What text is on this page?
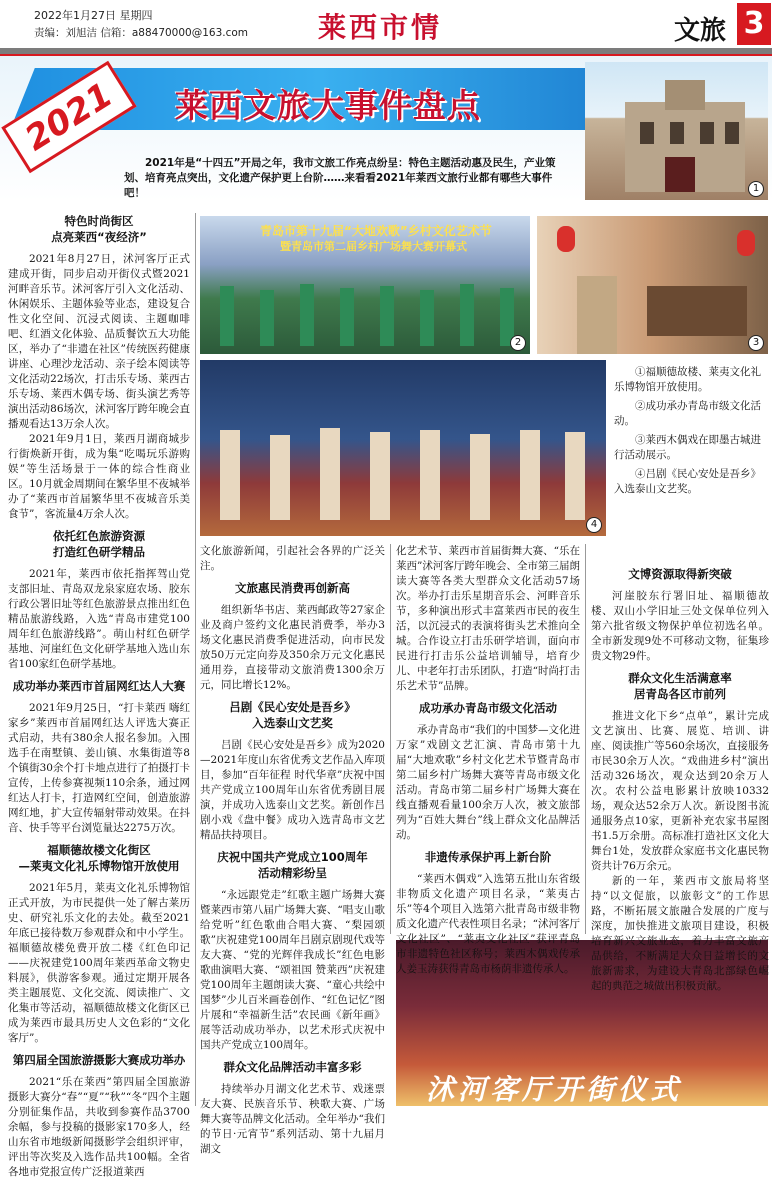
2022年1月27日 星期四
责编：刘旭洁 信箱：a88470000@163.com 莱西市情	文旅 3
2021	莱西文旅大事件盘点
2021年是“十四五”开局之年，我市文旅工作亮点纷呈：特色主题活动惠及民生，产业策划、培育亮点突出，文化遗产保护更上台阶……来看看2021年莱西文旅行业都有哪些大事件吧！	1
青岛市第十九届“大地欢歌”乡村文化艺术节
暨青岛市第二届乡村广场舞大赛开幕式
2	3
4
沭河客厅开街仪式

①福顺德故楼、莱夷文化礼乐博物馆开放使用。

②成功承办青岛市级文化活动。

③莱西木偶戏在即墨古城进行活动展示。

④吕剧《民心安处是吾乡》入选泰山文艺奖。

特色时尚街区
点亮莱西“夜经济”

2021年8月27日，沭河客厅正式建成开街，同步启动开街仪式暨2021河畔音乐节。沭河客厅引入文化活动、休闲娱乐、主题体验等业态，建设复合性文化空间、沉浸式阅读、主题咖啡吧、红酒文化体验、品质餐饮五大功能区，举办了“非遗在社区”传统医药健康讲座、心理沙龙活动、亲子绘本阅读等文化活动22场次，打击乐专场、莱西古乐专场、莱西木偶专场、街头演艺秀等演出活动86场次，沭河客厅跨年晚会直播观看达13万余人次。

2021年9月1日，莱西月湖商城步行街焕新开街，成为集“吃喝玩乐游购娱”等生活场景于一体的综合性商业区。10月就金周期间在繁华里不夜城举办了“莱西市首届繁华里不夜城音乐美食节”，客流量4万余人次。

依托红色旅游资源
打造红色研学精品

2021年，莱西市依托指挥驾山党支部旧址、青岛双龙泉家庭农场、胶东行政公署旧址等红色旅游景点推出红色精品旅游线路，入选“青岛市建党100周年红色旅游线路”。萌山村红色研学基地、河崖红色文化研学基地入选山东省100家红色研学基地。

成功举办莱西市首届网红达人大赛

2021年9月25日，“打卡莱西 嗨红家乡”莱西市首届网红达人评选大赛正式启动，共有380余人报名参加。入围选手在南墅镇、姜山镇、水集街道等8个镇街30余个打卡地点进行了拍摄打卡宣传，上传参赛视频110余条，通过网红达人打卡，打造网红空间，创造旅游网红地，扩大宣传辐射带动效果。在抖音、快手等平台浏览量达2275万次。

福顺德故楼文化街区
—莱夷文化礼乐博物馆开放使用

2021年5月，莱夷文化礼乐博物馆正式开放，为市民提供一处了解古莱历史、研究礼乐文化的去处。截至2021年底已接待数万参观群众和中小学生。福顺德故楼免费开放二楼《红色印记——庆祝建党100周年莱西革命文物史料展》，供游客参观。通过定期开展各类主题展览、文化交流、阅读推广、文化集市等活动，福顺德故楼文化街区已成为莱西市最具历史人文色彩的“文化客厅”。

第四届全国旅游摄影大赛成功举办

2021“乐在莱西”第四届全国旅游摄影大赛分“春”“夏”“秋”“冬”四个主题分别征集作品，共收到参赛作品3700余幅，参与投稿的摄影家170多人，经山东省市地级新闻摄影学会组织评审，评出等次奖及入选作品共100幅。全省各地市党报宣传广泛报道莱西

文化旅游新闻，引起社会各界的广泛关注。

文旅惠民消费再创新高

组织新华书店、莱西邮政等27家企业及商户签约文化惠民消费季，举办3场文化惠民消费季促进活动，向市民发放50万元定向券及350余万元文化惠民通用券，直接带动文旅消费1300余万元，同比增长12%。

吕剧《民心安处是吾乡》
入选泰山文艺奖

吕剧《民心安处是吾乡》成为2020—2021年度山东省优秀文艺作品入库项目，参加“百年征程 时代华章”庆祝中国共产党成立100周年山东省优秀剧目展演，并成功入选泰山文艺奖。新创作吕剧小戏《盘中餐》成功入选青岛市文艺精品扶持项目。

庆祝中国共产党成立100周年
活动精彩纷呈

“永远跟党走”红歌主题广场舞大赛暨莱西市第八届广场舞大赛、“唱支山歌给党听”红色歌曲合唱大赛、“梨园颂歌”庆祝建党100周年吕剧京剧现代戏等友大赛、“党的光辉伴我成长”红色电影歌曲演唱大赛、“颂祖国 赞莱西”庆祝建党100周年主题朗读大赛、“童心共绘中国梦”少儿百米画卷创作、“红色记忆”图片展和“幸福新生活”农民画《新年画》展等活动成功举办，以艺术形式庆祝中国共产党成立100周年。

群众文化品牌活动丰富多彩

持续举办月湖文化艺术节、戏迷票友大赛、民族音乐节、秧歌大赛、广场舞大赛等品牌文化活动。全年举办“我们的节日·元宵节”系列活动、第十九届月湖文

化艺术节、莱西市首届街舞大赛、“乐在莱西”沭河客厅跨年晚会、全市第三届朗读大赛等各类大型群众文化活动57场次。举办打击乐星期音乐会、河畔音乐节，多种演出形式丰富莱西市民的夜生活，以沉浸式的表演将街头艺术推向全城。合作设立打击乐研学培训，面向市民进行打击乐公益培训辅导，培育少儿、中老年打击乐团队，打造“时尚打击乐艺术节”品牌。

成功承办青岛市级文化活动

承办青岛市“我们的中国梦—文化进万家”戏剧文艺汇演、青岛市第十九届“大地欢歌”乡村文化艺术节暨青岛市第二届乡村广场舞大赛等青岛市级文化活动。青岛市第二届乡村广场舞大赛在线直播观看量100余万人次，被文旅部列为“百姓大舞台”线上群众文化品牌活动。

非遗传承保护再上新台阶

“莱西木偶戏”入选第五批山东省级非物质文化遗产项目名录，“莱夷古乐”等4个项目入选第六批青岛市级非物质文化遗产代表性项目名录；“沭河客厅文化社区”、“莱夷文化社区”获评青岛市非遗特色社区称号；莱西木偶戏传承人姜玉涛获得青岛市杨荫非遗传承人。

文博资源取得新突破

河崖胶东行署旧址、福顺德故楼、双山小学旧址三处文保单位列入第六批省级文物保护单位初选名单。全市新发现9处不可移动文物，征集珍贵文物29件。

群众文化生活满意率
居青岛各区市前列

推进文化下乡“点单”，累计完成文艺演出、比赛、展览、培训、讲座、阅读推广等560余场次，直接服务市民30余万人次。“戏曲进乡村”演出活动326场次，观众达到20余万人次。农村公益电影累计放映10332场，观众达52余万人次。新设图书流通服务点10家，更新补充农家书屋图书1.5万余册。高标准打造社区文化大舞台1处，发放群众家庭书文化惠民物资共计76万余元。

新的一年，莱西市文旅局将坚持“以文促旅，以旅彰文”的工作思路，不断拓展文旅融合发展的广度与深度，加快推进文旅项目建设，积极培育新兴文旅业态，着力丰富文旅产品供给，不断满足大众日益增长的文旅新需求，为建设大青岛北部绿色崛起的典范之城做出积极贡献。
